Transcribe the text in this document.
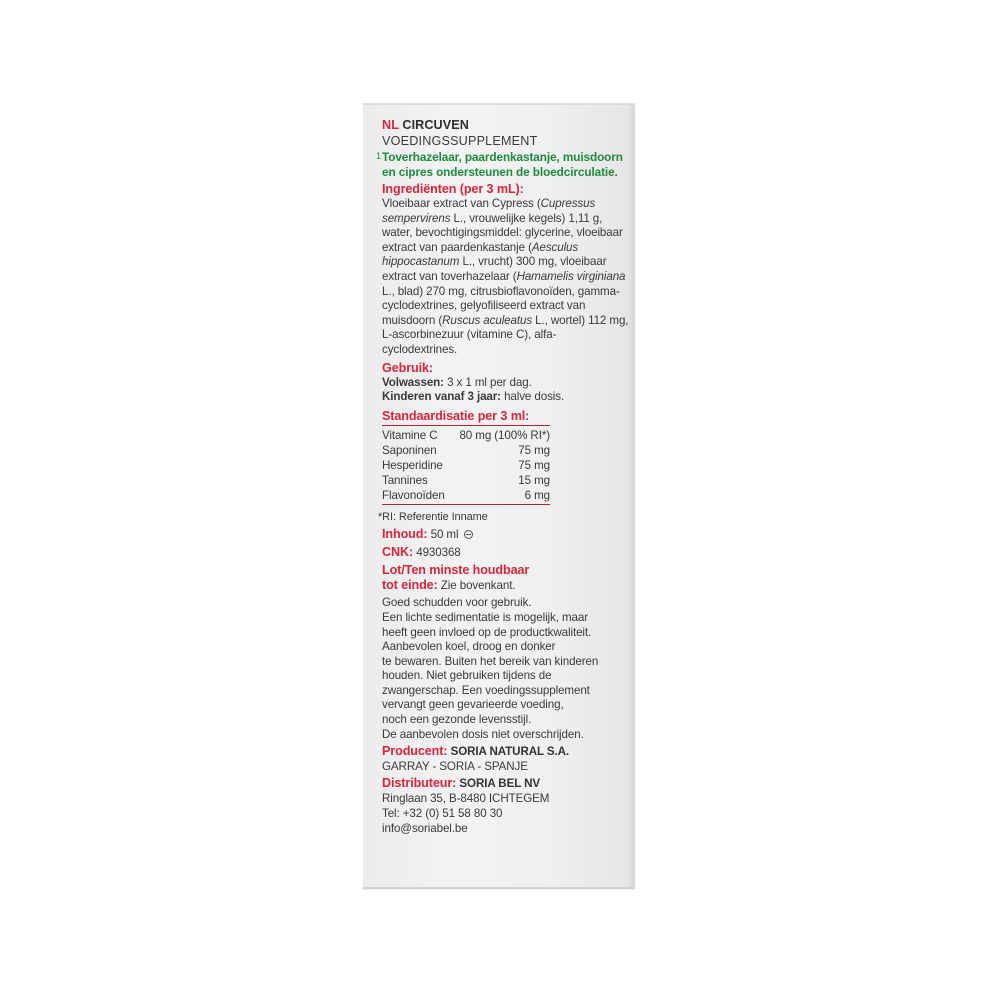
NL CIRCUVEN
VOEDINGSSUPPLEMENT
1 Toverhazelaar, paardenkastanje, muisdoorn en cipres ondersteunen de bloedcirculatie.
Ingrediënten (per 3 mL):

Vloeibaar extract van Cypress (Cupressus sempervirens L., vrouwelijke kegels) 1,11 g, water, bevochtigingsmiddel: glycerine, vloeibaar extract van paardenkastanje (Aesculus hippocastanum L., vrucht) 300 mg, vloeibaar extract van toverhazelaar (Hamamelis virginiana L., blad) 270 mg, citrusbioflavonoïden, gamma-cyclodextrines, gelyofiliseerd extract van muisdoorn (Ruscus aculeatus L., wortel) 112 mg, L-ascorbinezuur (vitamine C), alfa-cyclodextrines.

Gebruik:
Volwassen: 3 x 1 ml per dag.
Kinderen vanaf 3 jaar: halve dosis.
Standaardisatie per 3 ml:
Vitamine C 80 mg (100% RI*)
Saponinen	75 mg
Hesperidine	75 mg
Tannines	15 mg
Flavonoïden	6 mg
*RI: Referentie Inname
Inhoud: 50 ml
CNK: 4930368
Lot/Ten minste houdbaar
tot einde: Zie bovenkant.
Goed schudden voor gebruik.
Een lichte sedimentatie is mogelijk, maar
heeft geen invloed op de productkwaliteit.
Aanbevolen koel, droog en donker
te bewaren. Buiten het bereik van kinderen
houden. Niet gebruiken tijdens de
zwangerschap. Een voedingssupplement
vervangt geen gevarieerde voeding,
noch een gezonde levensstijl.
De aanbevolen dosis niet overschrijden.
Producent: SORIA NATURAL S.A.
GARRAY - SORIA - SPANJE
Distributeur: SORIA BEL NV
Ringlaan 35, B-8480 ICHTEGEM
Tel: +32 (0) 51 58 80 30
info@soriabel.be
